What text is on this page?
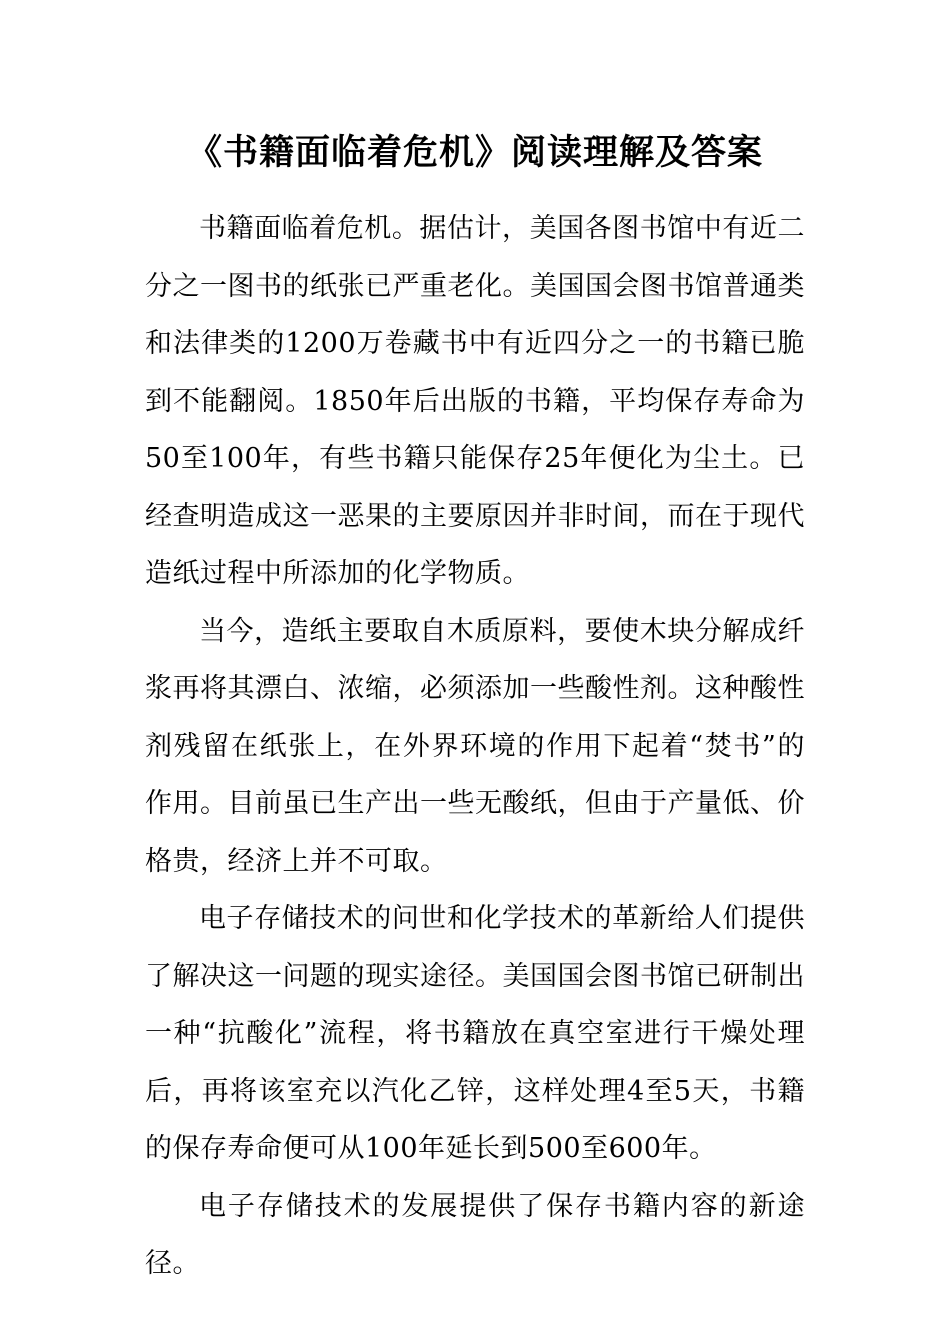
《书籍面临着危机》阅读理解及答案

书籍面临着危机。据估计，美国各图书馆中有近二分之一图书的纸张已严重老化。美国国会图书馆普通类和法律类的1200万卷藏书中有近四分之一的书籍已脆到不能翻阅。1850年后出版的书籍，平均保存寿命为50至100年，有些书籍只能保存25年便化为尘土。已经查明造成这一恶果的主要原因并非时间，而在于现代造纸过程中所添加的化学物质。

当今，造纸主要取自木质原料，要使木块分解成纤浆再将其漂白、浓缩，必须添加一些酸性剂。这种酸性剂残留在纸张上，在外界环境的作用下起着“焚书”的作用。目前虽已生产出一些无酸纸，但由于产量低、价格贵，经济上并不可取。

电子存储技术的问世和化学技术的革新给人们提供了解决这一问题的现实途径。美国国会图书馆已研制出一种“抗酸化”流程，将书籍放在真空室进行干燥处理后，再将该室充以汽化乙锌，这样处理4至5天，书籍的保存寿命便可从100年延长到500至600年。

电子存储技术的发展提供了保存书籍内容的新途径。
